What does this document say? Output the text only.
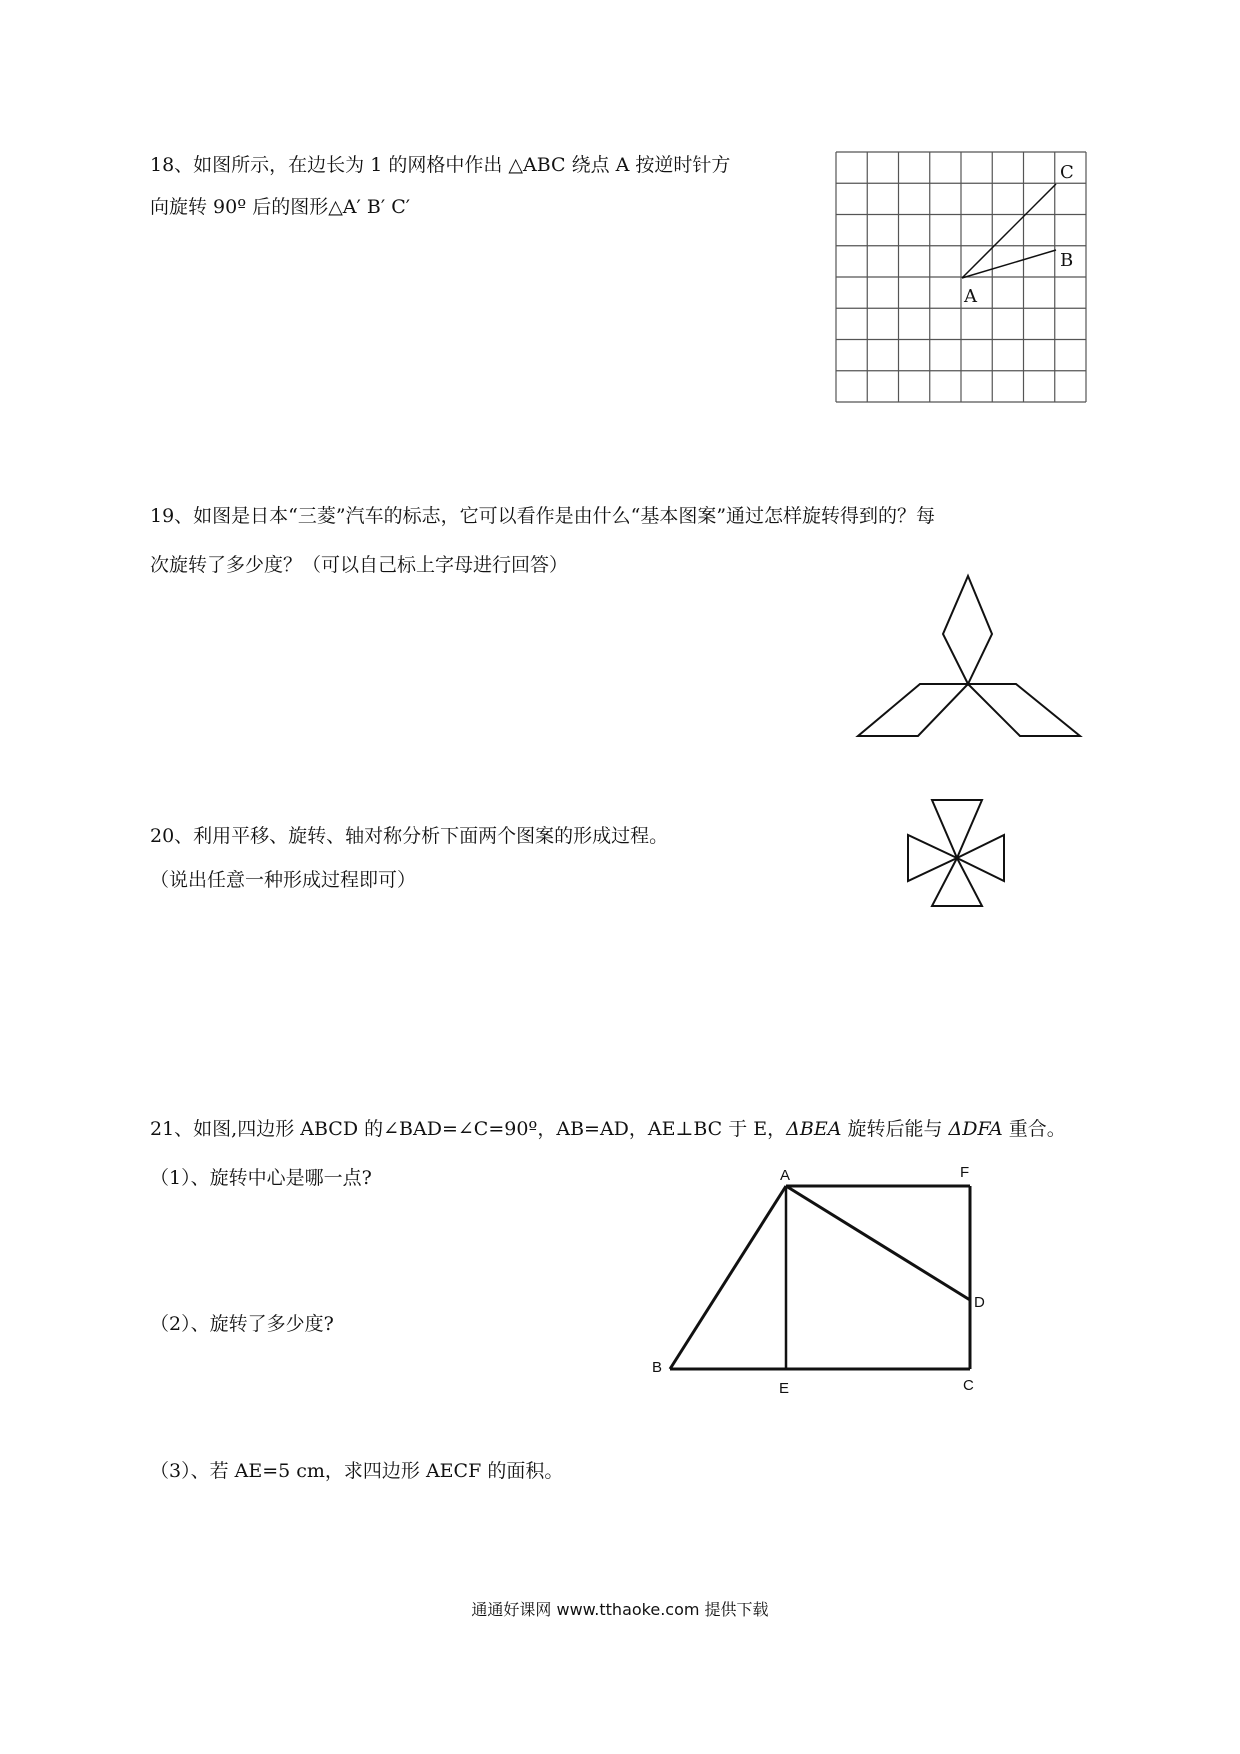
18、如图所示，在边长为 1 的网格中作出 △ABC 绕点 A 按逆时针方
向旋转 90º 后的图形△A′ B′ C′
A
B
C
19、如图是日本“三菱”汽车的标志，它可以看作是由什么“基本图案”通过怎样旋转得到的？每
次旋转了多少度？（可以自己标上字母进行回答）
20、利用平移、旋转、轴对称分析下面两个图案的形成过程。
（说出任意一种形成过程即可）
21、如图,四边形 ABCD 的∠BAD=∠C=90º，AB=AD，AE⊥BC 于 E，ΔBEA 旋转后能与 ΔDFA 重合。
（1）、旋转中心是哪一点?
（2）、旋转了多少度?
（3）、若 AE=5 cm，求四边形 AECF 的面积。
A	F
D
B
E	C
通通好课网 www.tthaoke.com 提供下载
